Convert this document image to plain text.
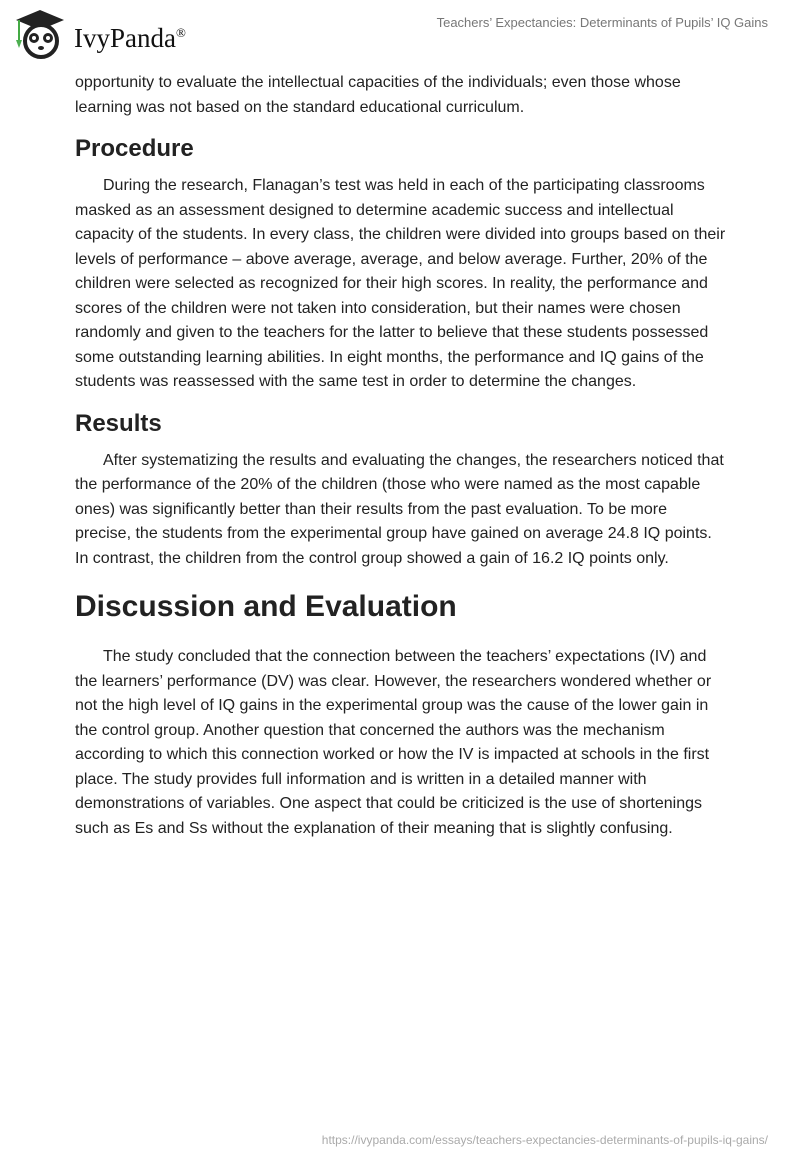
IvyPanda®
Teachers’ Expectancies: Determinants of Pupils’ IQ Gains

opportunity to evaluate the intellectual capacities of the individuals; even those whose learning was not based on the standard educational curriculum.

Procedure

During the research, Flanagan’s test was held in each of the participating classrooms masked as an assessment designed to determine academic success and intellectual capacity of the students. In every class, the children were divided into groups based on their levels of performance – above average, average, and below average. Further, 20% of the children were selected as recognized for their high scores. In reality, the performance and scores of the children were not taken into consideration, but their names were chosen randomly and given to the teachers for the latter to believe that these students possessed some outstanding learning abilities. In eight months, the performance and IQ gains of the students was reassessed with the same test in order to determine the changes.

Results

After systematizing the results and evaluating the changes, the researchers noticed that the performance of the 20% of the children (those who were named as the most capable ones) was significantly better than their results from the past evaluation. To be more precise, the students from the experimental group have gained on average 24.8 IQ points. In contrast, the children from the control group showed a gain of 16.2 IQ points only.

Discussion and Evaluation

The study concluded that the connection between the teachers’ expectations (IV) and the learners’ performance (DV) was clear. However, the researchers wondered whether or not the high level of IQ gains in the experimental group was the cause of the lower gain in the control group. Another question that concerned the authors was the mechanism according to which this connection worked or how the IV is impacted at schools in the first place. The study provides full information and is written in a detailed manner with demonstrations of variables. One aspect that could be criticized is the use of shortenings such as Es and Ss without the explanation of their meaning that is slightly confusing.

https://ivypanda.com/essays/teachers-expectancies-determinants-of-pupils-iq-gains/
